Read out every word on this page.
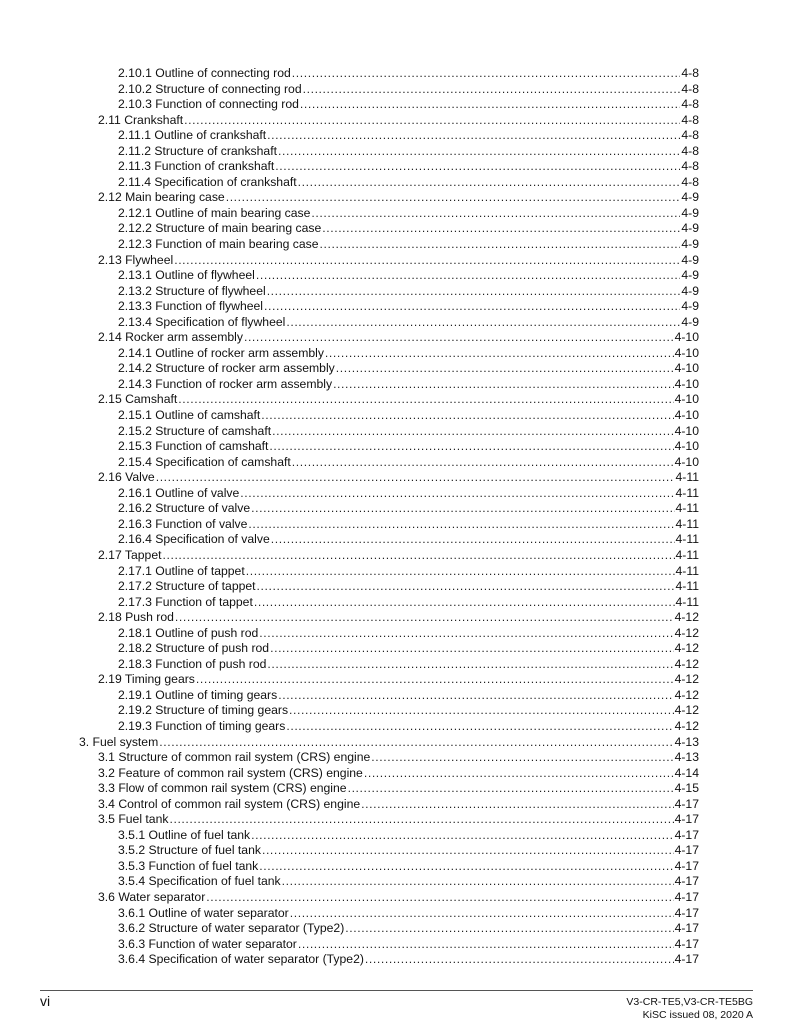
2.10.1 Outline of connecting rod .....	4-8
2.10.2 Structure of connecting rod .....	4-8
2.10.3 Function of connecting rod .....	4-8
2.11 Crankshaft .....	4-8
2.11.1 Outline of crankshaft .....	4-8
2.11.2 Structure of crankshaft .....	4-8
2.11.3 Function of crankshaft .....	4-8
2.11.4 Specification of crankshaft .....	4-8
2.12 Main bearing case .....	4-9
2.12.1 Outline of main bearing case .....	4-9
2.12.2 Structure of main bearing case .....	4-9
2.12.3 Function of main bearing case .....	4-9
2.13 Flywheel .....	4-9
2.13.1 Outline of flywheel .....	4-9
2.13.2 Structure of flywheel .....	4-9
2.13.3 Function of flywheel .....	4-9
2.13.4 Specification of flywheel .....	4-9
2.14 Rocker arm assembly .....	4-10
2.14.1 Outline of rocker arm assembly .....	4-10
2.14.2 Structure of rocker arm assembly .....	4-10
2.14.3 Function of rocker arm assembly .....	4-10
2.15 Camshaft .....	4-10
2.15.1 Outline of camshaft .....	4-10
2.15.2 Structure of camshaft .....	4-10
2.15.3 Function of camshaft .....	4-10
2.15.4 Specification of camshaft .....	4-10
2.16 Valve .....	4-11
2.16.1 Outline of valve .....	4-11
2.16.2 Structure of valve .....	4-11
2.16.3 Function of valve .....	4-11
2.16.4 Specification of valve .....	4-11
2.17 Tappet .....	4-11
2.17.1 Outline of tappet .....	4-11
2.17.2 Structure of tappet .....	4-11
2.17.3 Function of tappet .....	4-11
2.18 Push rod .....	4-12
2.18.1 Outline of push rod .....	4-12
2.18.2 Structure of push rod .....	4-12
2.18.3 Function of push rod .....	4-12
2.19 Timing gears .....	4-12
2.19.1 Outline of timing gears .....	4-12
2.19.2 Structure of timing gears .....	4-12
2.19.3 Function of timing gears .....	4-12
3. Fuel system .....	4-13
3.1 Structure of common rail system (CRS) engine .....	4-13
3.2 Feature of common rail system (CRS) engine .....	4-14
3.3 Flow of common rail system (CRS) engine .....	4-15
3.4 Control of common rail system (CRS) engine .....	4-17
3.5 Fuel tank .....	4-17
3.5.1 Outline of fuel tank .....	4-17
3.5.2 Structure of fuel tank .....	4-17
3.5.3 Function of fuel tank .....	4-17
3.5.4 Specification of fuel tank .....	4-17
3.6 Water separator .....	4-17
3.6.1 Outline of water separator .....	4-17
3.6.2 Structure of water separator (Type2) .....	4-17
3.6.3 Function of water separator .....	4-17
3.6.4 Specification of water separator (Type2) .....	4-17
vi	V3-CR-TE5,V3-CR-TE5BG
KiSC issued 08, 2020 A
